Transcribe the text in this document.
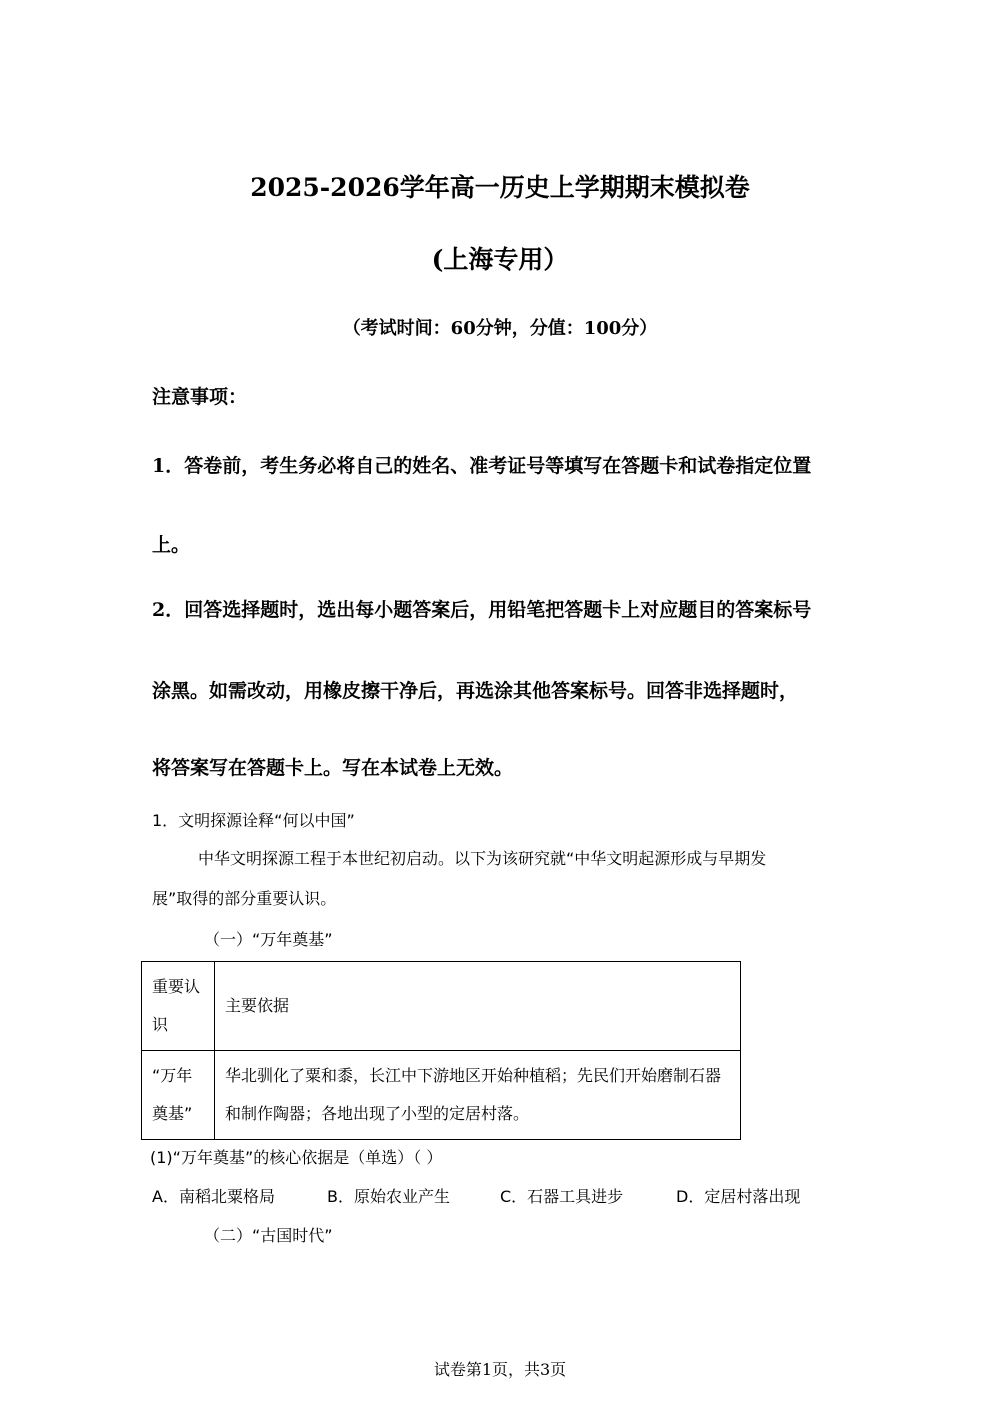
2025-2026学年高一历史上学期期末模拟卷
(上海专用）
（考试时间：60分钟，分值：100分）
注意事项：
1．答卷前，考生务必将自己的姓名、准考证号等填写在答题卡和试卷指定位置
上。
2．回答选择题时，选出每小题答案后，用铅笔把答题卡上对应题目的答案标号
涂黑。如需改动，用橡皮擦干净后，再选涂其他答案标号。回答非选择题时，
将答案写在答题卡上。写在本试卷上无效。
1．文明探源诠释“何以中国”
中华文明探源工程于本世纪初启动。以下为该研究就“中华文明起源形成与早期发
展”取得的部分重要认识。
（一）“万年奠基”
重要认识	主要依据
“万年奠基”	华北驯化了粟和黍，长江中下游地区开始种植稻；先民们开始磨制石器和制作陶器；各地出现了小型的定居村落。
(1)“万年奠基”的核心依据是（单选）（ ）
A．南稻北粟格局	B．原始农业产生	C．石器工具进步	D．定居村落出现
（二）“古国时代”
试卷第1页，共3页
